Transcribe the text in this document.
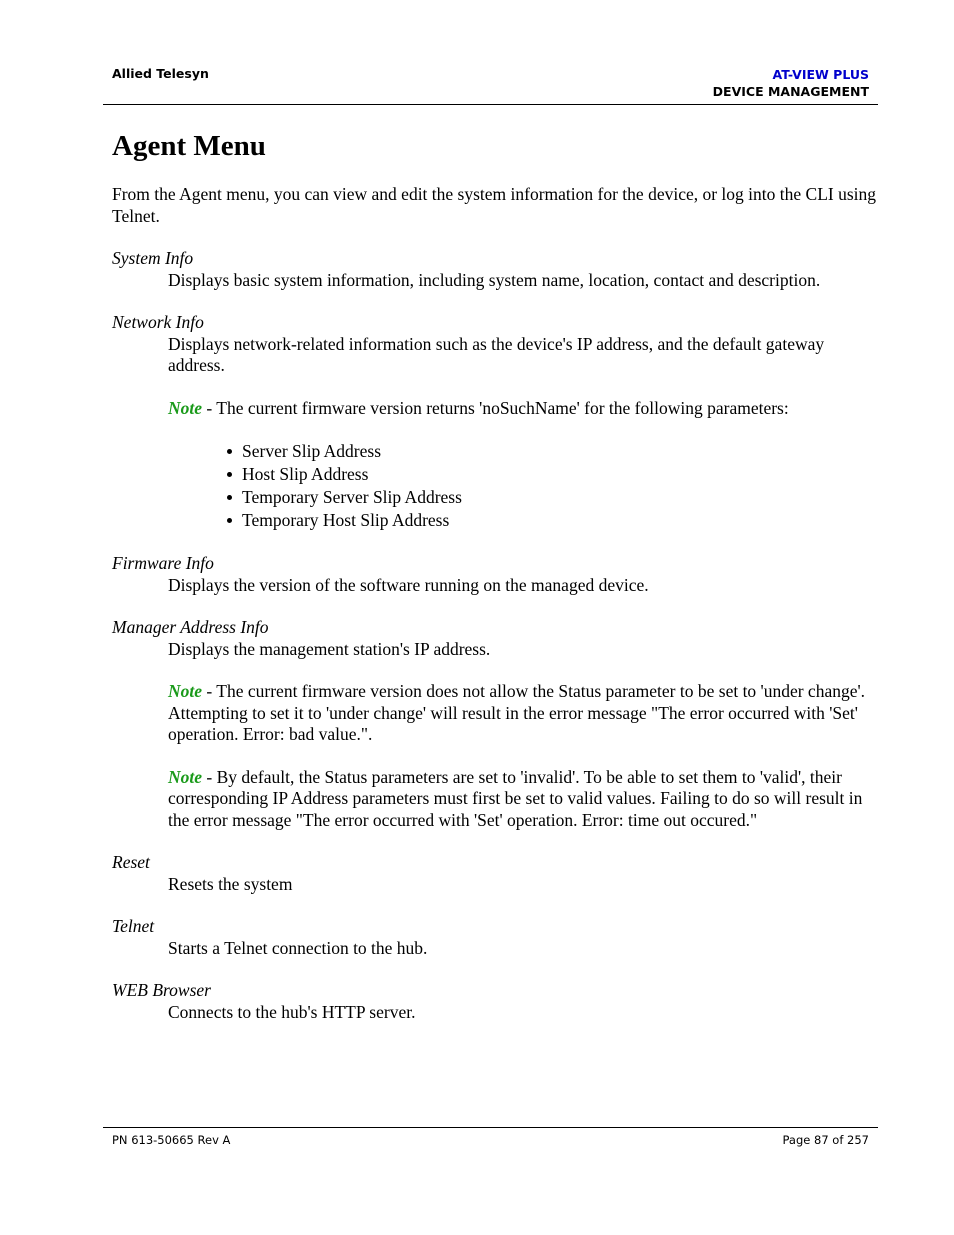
Allied Telesyn	AT-VIEW PLUS
DEVICE MANAGEMENT
Agent Menu

From the Agent menu, you can view and edit the system information for the device, or log into the CLI using Telnet.

System Info

Displays basic system information, including system name, location, contact and description.

Network Info

Displays network-related information such as the device's IP address, and the default gateway address.

Note - The current firmware version returns 'noSuchName' for the following parameters:

Server Slip Address
Host Slip Address
Temporary Server Slip Address
Temporary Host Slip Address

Firmware Info

Displays the version of the software running on the managed device.

Manager Address Info

Displays the management station's IP address.

Note - The current firmware version does not allow the Status parameter to be set to 'under change'. Attempting to set it to 'under change' will result in the error message "The error occurred with 'Set' operation. Error: bad value.".

Note - By default, the Status parameters are set to 'invalid'. To be able to set them to 'valid', their corresponding IP Address parameters must first be set to valid values. Failing to do so will result in the error message "The error occurred with 'Set' operation. Error: time out occured."

Reset

Resets the system

Telnet

Starts a Telnet connection to the hub.

WEB Browser

Connects to the hub's HTTP server.

PN 613-50665 Rev A	Page 87 of 257
